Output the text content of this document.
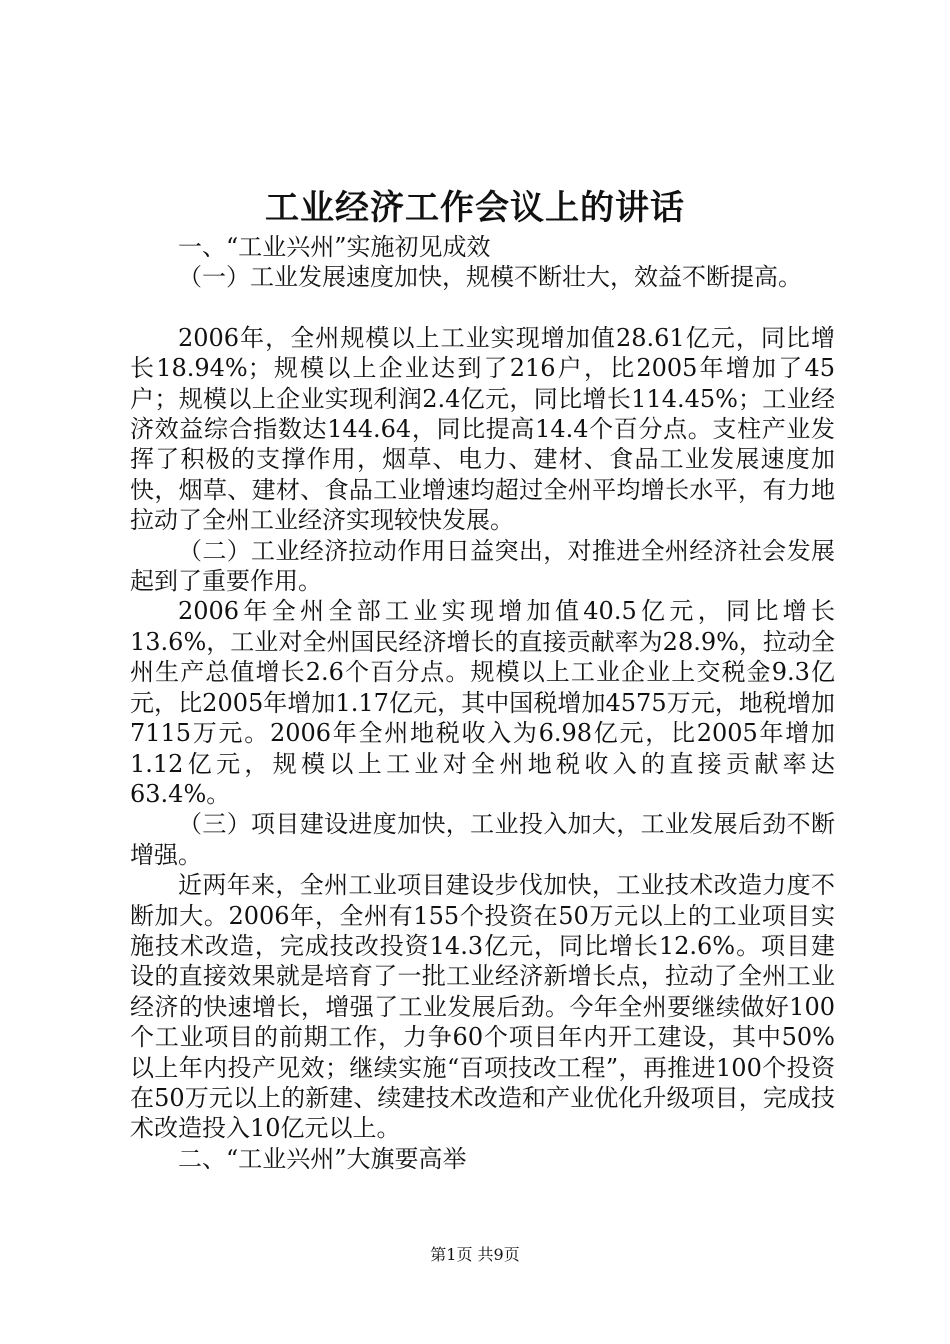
工业经济工作会议上的讲话

一、“工业兴州”实施初见成效

（一）工业发展速度加快，规模不断壮大，效益不断提高。

2006年，全州规模以上工业实现增加值28.61亿元，同比增长18.94%；规模以上企业达到了216户，比2005年增加了45户；规模以上企业实现利润2.4亿元，同比增长114.45%；工业经济效益综合指数达144.64，同比提高14.4个百分点。支柱产业发挥了积极的支撑作用，烟草、电力、建材、食品工业发展速度加快，烟草、建材、食品工业增速均超过全州平均增长水平，有力地拉动了全州工业经济实现较快发展。

（二）工业经济拉动作用日益突出，对推进全州经济社会发展起到了重要作用。

2006年全州全部工业实现增加值40.5亿元，同比增长13.6%，工业对全州国民经济增长的直接贡献率为28.9%，拉动全州生产总值增长2.6个百分点。规模以上工业企业上交税金9.3亿元，比2005年增加1.17亿元，其中国税增加4575万元，地税增加7115万元。2006年全州地税收入为6.98亿元，比2005年增加1.12亿元，规模以上工业对全州地税收入的直接贡献率达63.4%。

（三）项目建设进度加快，工业投入加大，工业发展后劲不断增强。

近两年来，全州工业项目建设步伐加快，工业技术改造力度不断加大。2006年，全州有155个投资在50万元以上的工业项目实施技术改造，完成技改投资14.3亿元，同比增长12.6%。项目建设的直接效果就是培育了一批工业经济新增长点，拉动了全州工业经济的快速增长，增强了工业发展后劲。今年全州要继续做好100个工业项目的前期工作，力争60个项目年内开工建设，其中50%以上年内投产见效；继续实施“百项技改工程”，再推进100个投资在50万元以上的新建、续建技术改造和产业优化升级项目，完成技术改造投入10亿元以上。

二、“工业兴州”大旗要高举

第1页 共9页
